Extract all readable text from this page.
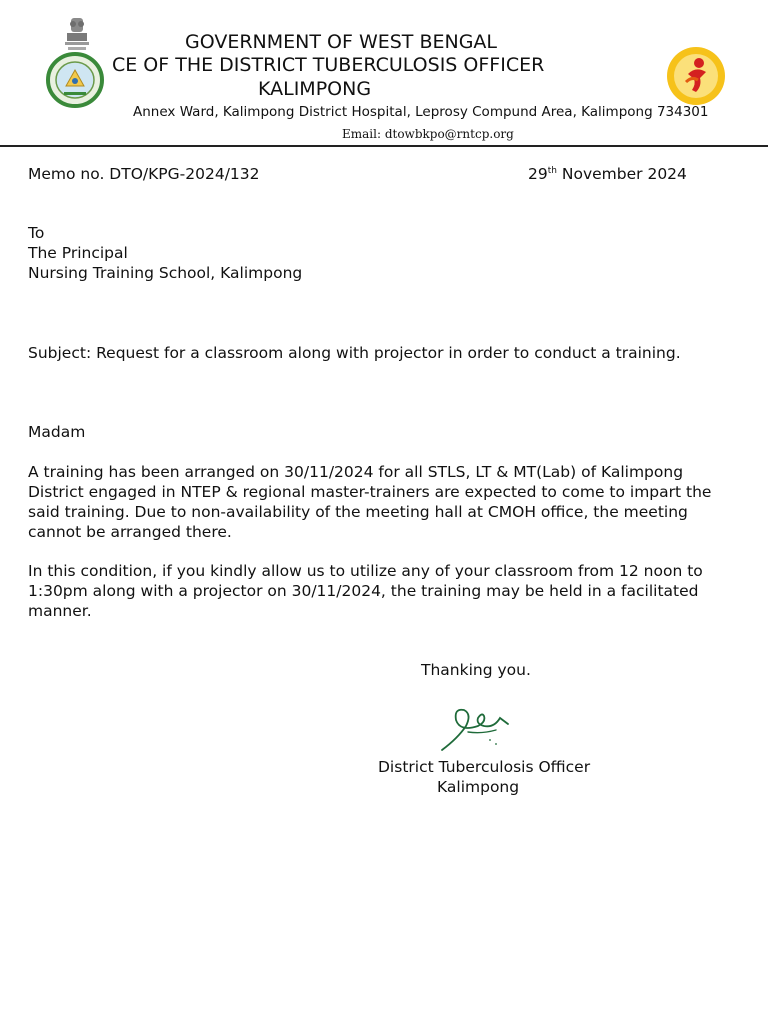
GOVERNMENT OF WEST BENGAL
CE OF THE DISTRICT TUBERCULOSIS OFFICER
KALIMPONG
Annex Ward, Kalimpong District Hospital, Leprosy Compund Area, Kalimpong 734301
Email: dtowbkpo@rntcp.org
Memo no. DTO/KPG-2024/132	29th November 2024
To
The Principal
Nursing Training School, Kalimpong
Subject: Request for a classroom along with projector in order to conduct a training.
Madam

A training has been arranged on 30/11/2024 for all STLS, LT & MT(Lab) of Kalimpong District engaged in NTEP & regional master-trainers are expected to come to impart the said training. Due to non-availability of the meeting hall at CMOH office, the meeting cannot be arranged there.

In this condition, if you kindly allow us to utilize any of your classroom from 12 noon to 1:30pm along with a projector on 30/11/2024, the training may be held in a facilitated manner.

Thanking you.
District Tuberculosis Officer
Kalimpong
